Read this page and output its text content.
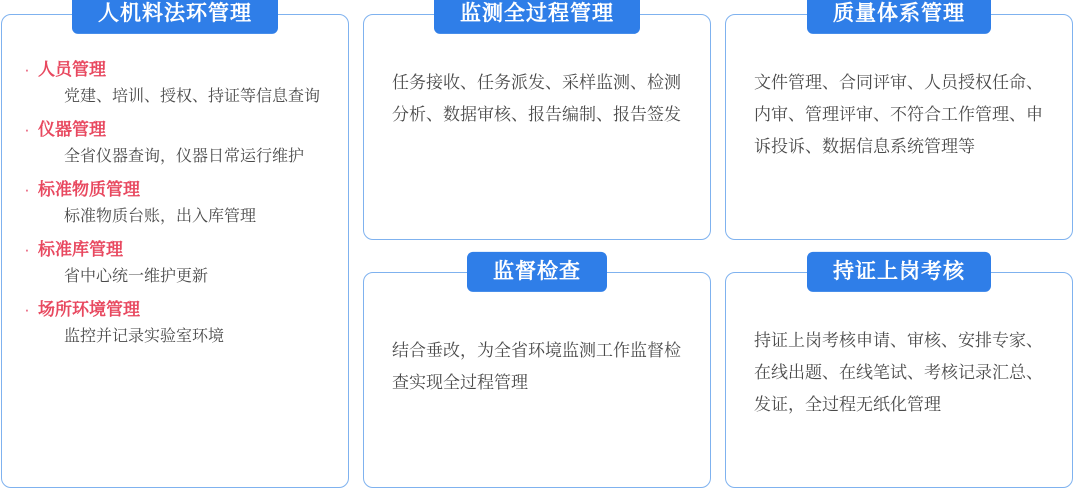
人机料法环管理
· 人员管理
党建、培训、授权、持证等信息查询
· 仪器管理
全省仪器查询，仪器日常运行维护
· 标准物质管理
标准物质台账，出入库管理
· 标准库管理
省中心统一维护更新
· 场所环境管理
监控并记录实验室环境
监测全过程管理
任务接收、任务派发、采样监测、检测分析、数据审核、报告编制、报告签发
质量体系管理
文件管理、合同评审、人员授权任命、内审、管理评审、不符合工作管理、申诉投诉、数据信息系统管理等
监督检查
结合垂改，为全省环境监测工作监督检查实现全过程管理
持证上岗考核
持证上岗考核申请、审核、安排专家、在线出题、在线笔试、考核记录汇总、发证，全过程无纸化管理
